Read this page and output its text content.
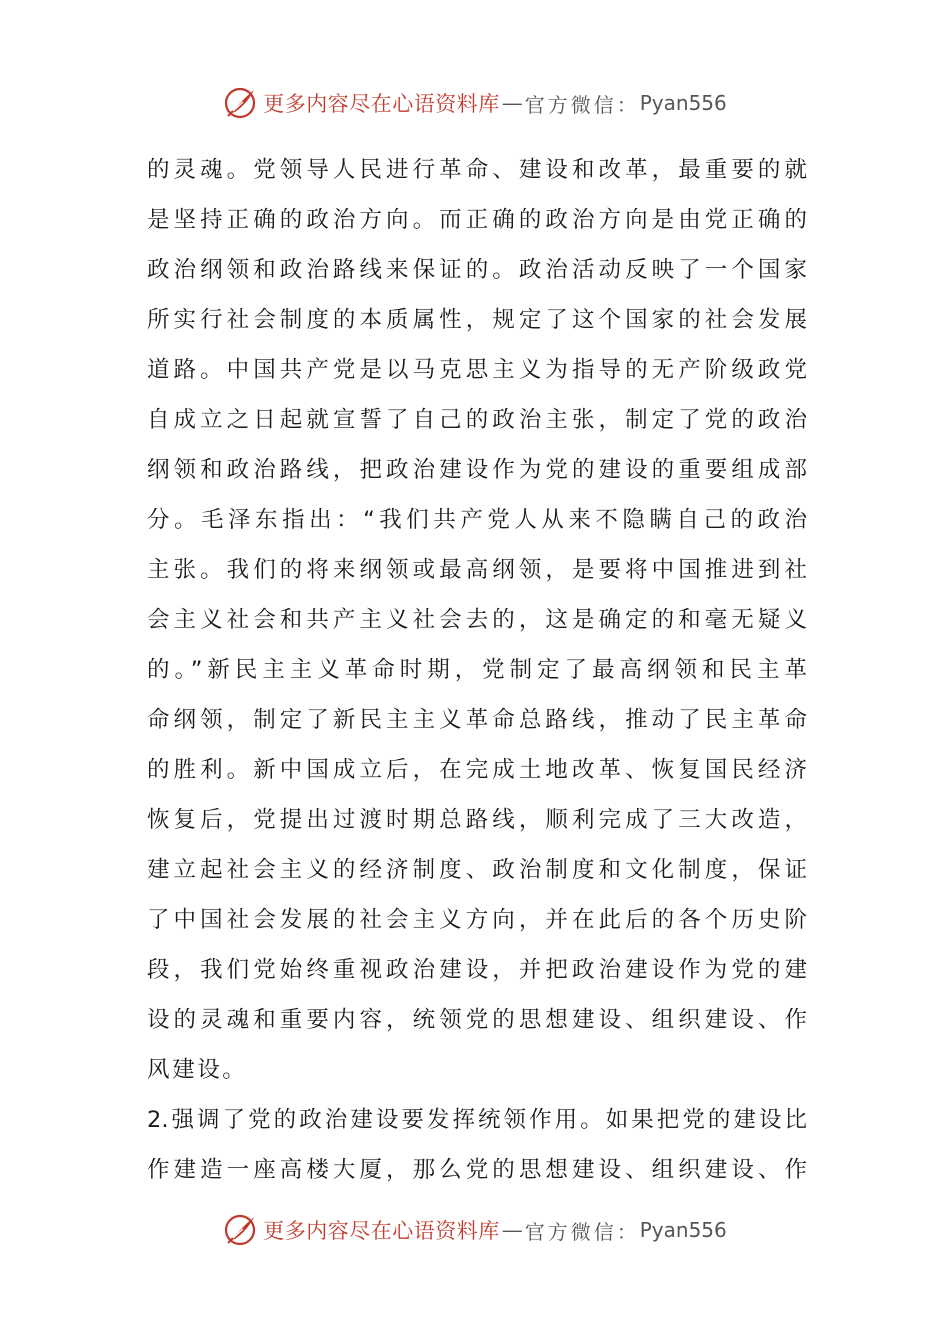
更多内容尽在心语资料库 — 官方微信： Pyan556
的灵魂。党领导人民进行革命、建设和改革，最重要的就
是坚持正确的政治方向。而正确的政治方向是由党正确的
政治纲领和政治路线来保证的。政治活动反映了一个国家
所实行社会制度的本质属性，规定了这个国家的社会发展
道路。中国共产党是以马克思主义为指导的无产阶级政党
自成立之日起就宣誓了自己的政治主张，制定了党的政治
纲领和政治路线，把政治建设作为党的建设的重要组成部
分。毛泽东指出：“我们共产党人从来不隐瞒自己的政治
主张。我们的将来纲领或最高纲领，是要将中国推进到社
会主义社会和共产主义社会去的，这是确定的和毫无疑义
的。”新民主主义革命时期，党制定了最高纲领和民主革
命纲领，制定了新民主主义革命总路线，推动了民主革命
的胜利。新中国成立后，在完成土地改革、恢复国民经济
恢复后，党提出过渡时期总路线，顺利完成了三大改造，
建立起社会主义的经济制度、政治制度和文化制度，保证
了中国社会发展的社会主义方向，并在此后的各个历史阶
段，我们党始终重视政治建设，并把政治建设作为党的建
设的灵魂和重要内容，统领党的思想建设、组织建设、作
风建设。
2.强调了党的政治建设要发挥统领作用。如果把党的建设比
作建造一座高楼大厦，那么党的思想建设、组织建设、作
更多内容尽在心语资料库 — 官方微信： Pyan556
